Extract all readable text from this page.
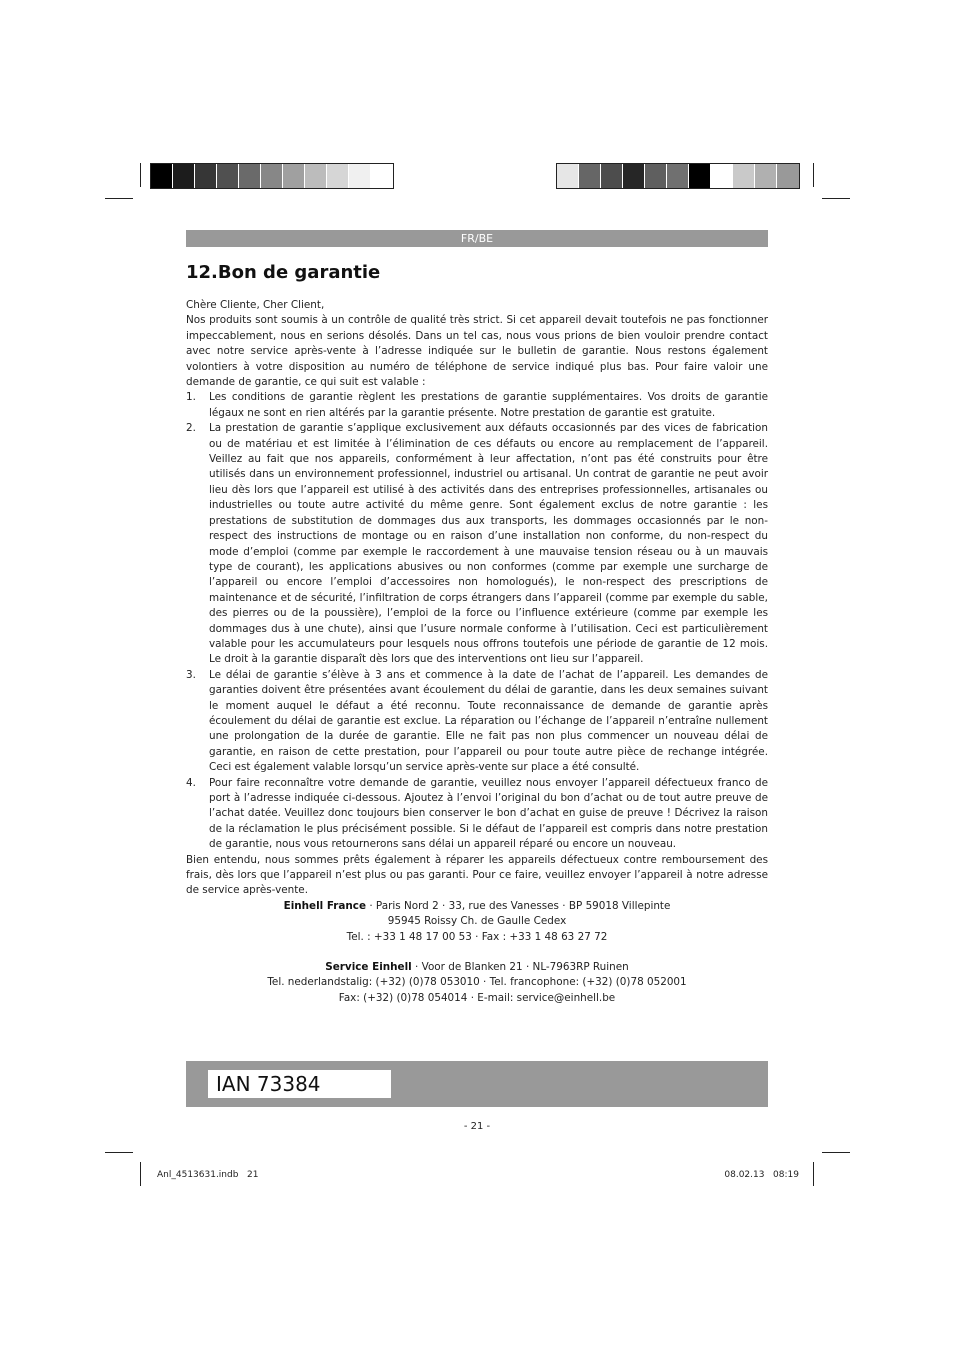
FR/BE
12.Bon de garantie

Chère Cliente, Cher Client,

Nos produits sont soumis à un contrôle de qualité très strict. Si cet appareil devait toutefois ne pas fonctionner impeccablement, nous en serions désolés. Dans un tel cas, nous vous prions de bien vouloir prendre contact avec notre service après-vente à l’adresse indiquée sur le bulletin de garantie. Nous restons également volontiers à votre disposition au numéro de téléphone de service indiqué plus bas. Pour faire valoir une demande de garantie, ce qui suit est valable :

1. Les conditions de garantie règlent les prestations de garantie supplémentaires. Vos droits de garantie légaux ne sont en rien altérés par la garantie présente. Notre prestation de garantie est gratuite.
2. La prestation de garantie s’applique exclusivement aux défauts occasionnés par des vices de fabrication ou de matériau et est limitée à l’élimination de ces défauts ou encore au remplacement de l’appareil. Veillez au fait que nos appareils, conformément à leur affectation, n’ont pas été construits pour être utilisés dans un environnement professionnel, industriel ou artisanal. Un contrat de garantie ne peut avoir lieu dès lors que l’appareil est utilisé à des activités dans des entreprises professionnelles, artisanales ou industrielles ou toute autre activité du même genre. Sont également exclus de notre garantie : les prestations de substitution de dommages dus aux transports, les dommages occasionnés par le non-respect des instructions de montage ou en raison d’une installation non conforme, du non-respect du mode d’emploi (comme par exemple le raccordement à une mauvaise tension réseau ou à un mauvais type de courant), les applications abusives ou non conformes (comme par exemple une surcharge de l’appareil ou encore l’emploi d’accessoires non homologués), le non-respect des prescriptions de maintenance et de sécurité, l’infiltration de corps étrangers dans l’appareil (comme par exemple du sable, des pierres ou de la poussière), l’emploi de la force ou l’influence extérieure (comme par exemple les dommages dus à une chute), ainsi que l’usure normale conforme à l’utilisation. Ceci est particulièrement valable pour les accumulateurs pour lesquels nous offrons toutefois une période de garantie de 12 mois. Le droit à la garantie disparaît dès lors que des interventions ont lieu sur l’appareil.
3. Le délai de garantie s’élève à 3 ans et commence à la date de l’achat de l’appareil. Les demandes de garanties doivent être présentées avant écoulement du délai de garantie, dans les deux semaines suivant le moment auquel le défaut a été reconnu. Toute reconnaissance de demande de garantie après écoulement du délai de garantie est exclue. La réparation ou l’échange de l’appareil n’entraîne nullement une prolongation de la durée de garantie. Elle ne fait pas non plus commencer un nouveau délai de garantie, en raison de cette prestation, pour l’appareil ou pour toute autre pièce de rechange intégrée. Ceci est également valable lorsqu’un service après-vente sur place a été consulté.
4. Pour faire reconnaître votre demande de garantie, veuillez nous envoyer l’appareil défectueux franco de port à l’adresse indiquée ci-dessous. Ajoutez à l’envoi l’original du bon d’achat ou de tout autre preuve de l’achat datée. Veuillez donc toujours bien conserver le bon d’achat en guise de preuve ! Décrivez la raison de la réclamation le plus précisément possible. Si le défaut de l’appareil est compris dans notre prestation de garantie, nous vous retournerons sans délai un appareil réparé ou encore un nouveau.

Bien entendu, nous sommes prêts également à réparer les appareils défectueux contre remboursement des frais, dès lors que l’appareil n’est plus ou pas garanti. Pour ce faire, veuillez envoyer l’appareil à notre adresse de service après-vente.

Einhell France · Paris Nord 2 · 33, rue des Vanesses · BP 59018 Villepinte
95945 Roissy Ch. de Gaulle Cedex
Tel. : +33 1 48 17 00 53 · Fax : +33 1 48 63 27 72
Service Einhell · Voor de Blanken 21 · NL-7963RP Ruinen
Tel. nederlandstalig: (+32) (0)78 053010 · Tel. francophone: (+32) (0)78 052001
Fax: (+32) (0)78 054014 · E-mail: service@einhell.be
IAN 73384
- 21 -
Anl_4513631.indb   21	08.02.13   08:19
